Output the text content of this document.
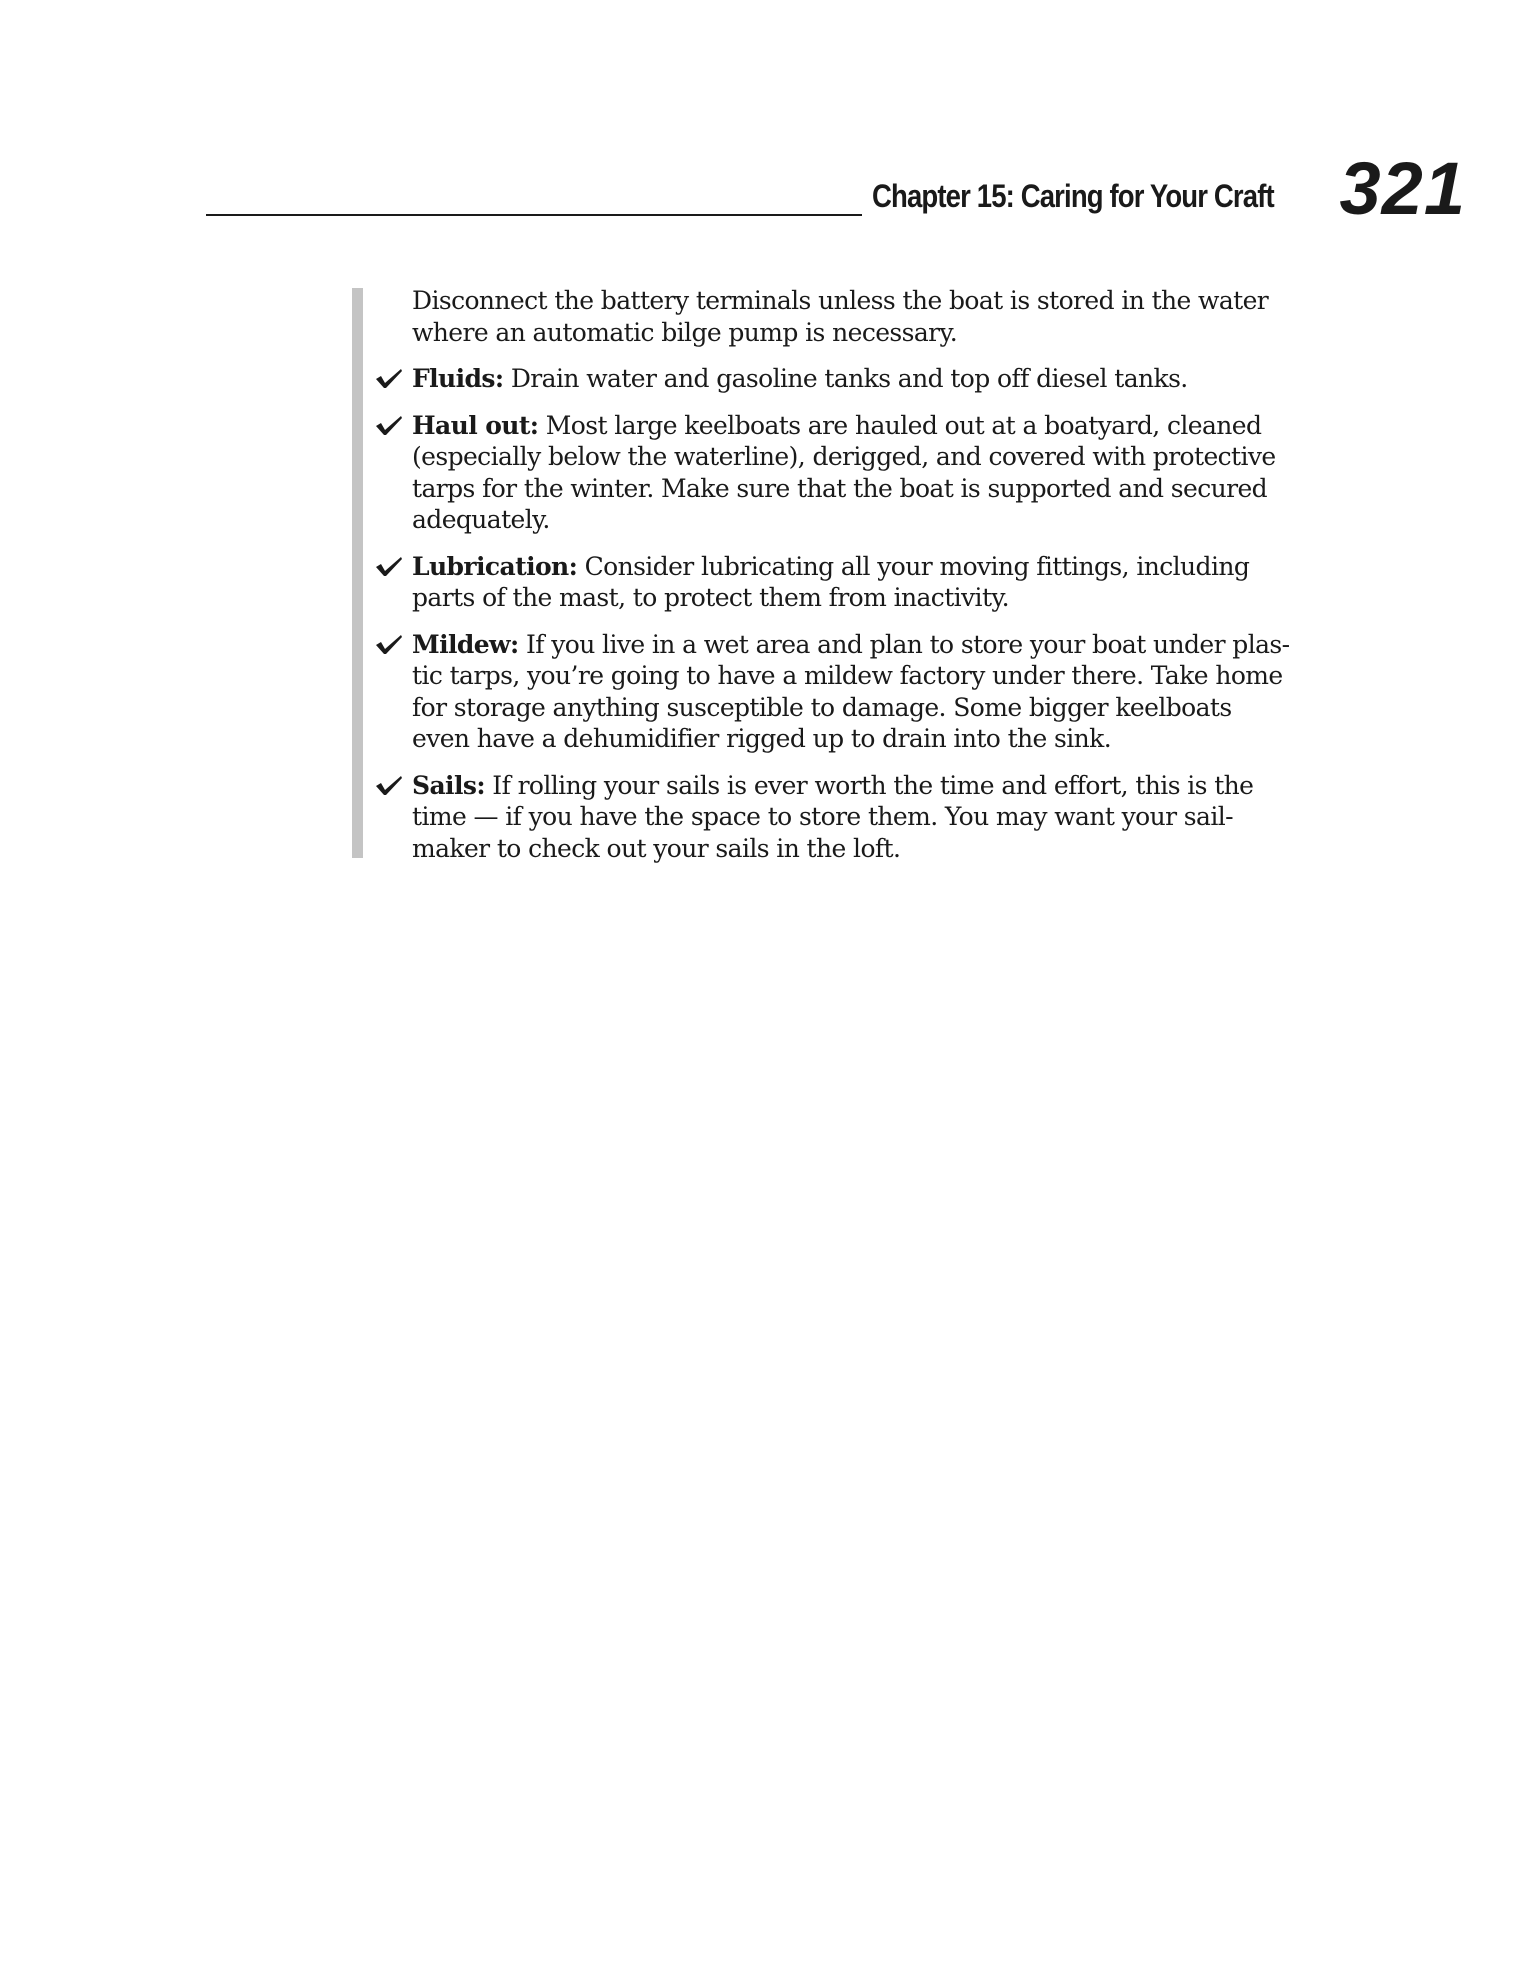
Chapter 15: Caring for Your Craft 321

Disconnect the battery terminals unless the boat is stored in the water where an automatic bilge pump is necessary.

Fluids: Drain water and gasoline tanks and top off diesel tanks.
Haul out: Most large keelboats are hauled out at a boatyard, cleaned (especially below the waterline), derigged, and covered with protective tarps for the winter. Make sure that the boat is supported and secured adequately.
Lubrication: Consider lubricating all your moving fittings, including parts of the mast, to protect them from inactivity.
Mildew: If you live in a wet area and plan to store your boat under plastic tarps, you’re going to have a mildew factory under there. Take home for storage anything susceptible to damage. Some bigger keelboats even have a dehumidifier rigged up to drain into the sink.
Sails: If rolling your sails is ever worth the time and effort, this is the time — if you have the space to store them. You may want your sailmaker to check out your sails in the loft.
